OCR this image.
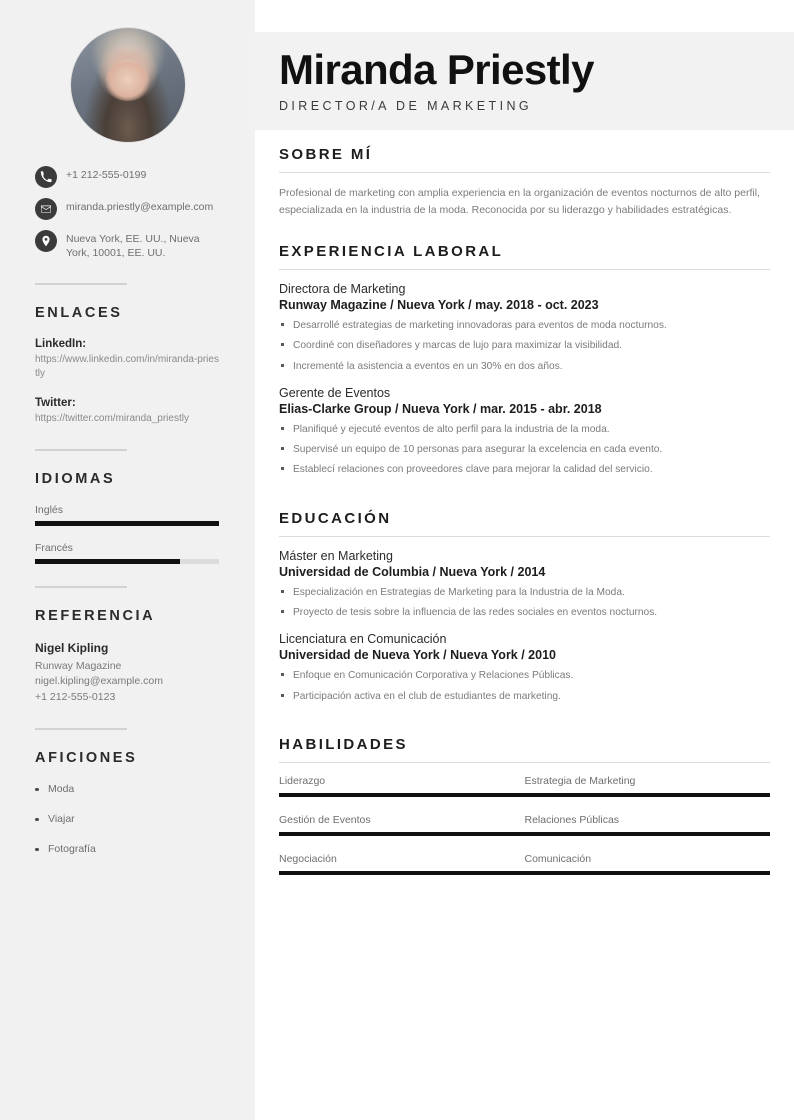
+1 212-555-0199
miranda.priestly@example.com
Nueva York, EE. UU., Nueva York, 10001, EE. UU.
ENLACES
LinkedIn:
https://www.linkedin.com/in/miranda-priestly
Twitter:
https://twitter.com/miranda_priestly
IDIOMAS
Inglés
Francés
REFERENCIA
Nigel Kipling
Runway Magazine
nigel.kipling@example.com
+1 212-555-0123
AFICIONES
Moda
Viajar
Fotografía
Miranda Priestly
DIRECTOR/A DE MARKETING
SOBRE MÍ

Profesional de marketing con amplia experiencia en la organización de eventos nocturnos de alto perfil, especializada en la industria de la moda. Reconocida por su liderazgo y habilidades estratégicas.

EXPERIENCIA LABORAL
Directora de Marketing
Runway Magazine / Nueva York / may. 2018 - oct. 2023
Desarrollé estrategias de marketing innovadoras para eventos de moda nocturnos.
Coordiné con diseñadores y marcas de lujo para maximizar la visibilidad.
Incrementé la asistencia a eventos en un 30% en dos años.
Gerente de Eventos
Elias-Clarke Group / Nueva York / mar. 2015 - abr. 2018
Planifiqué y ejecuté eventos de alto perfil para la industria de la moda.
Supervisé un equipo de 10 personas para asegurar la excelencia en cada evento.
Establecí relaciones con proveedores clave para mejorar la calidad del servicio.
EDUCACIÓN
Máster en Marketing
Universidad de Columbia / Nueva York / 2014
Especialización en Estrategias de Marketing para la Industria de la Moda.
Proyecto de tesis sobre la influencia de las redes sociales en eventos nocturnos.
Licenciatura en Comunicación
Universidad de Nueva York / Nueva York / 2010
Enfoque en Comunicación Corporativa y Relaciones Públicas.
Participación activa en el club de estudiantes de marketing.
HABILIDADES
Liderazgo	Estrategia de Marketing
Gestión de Eventos	Relaciones Públicas
Negociación	Comunicación
